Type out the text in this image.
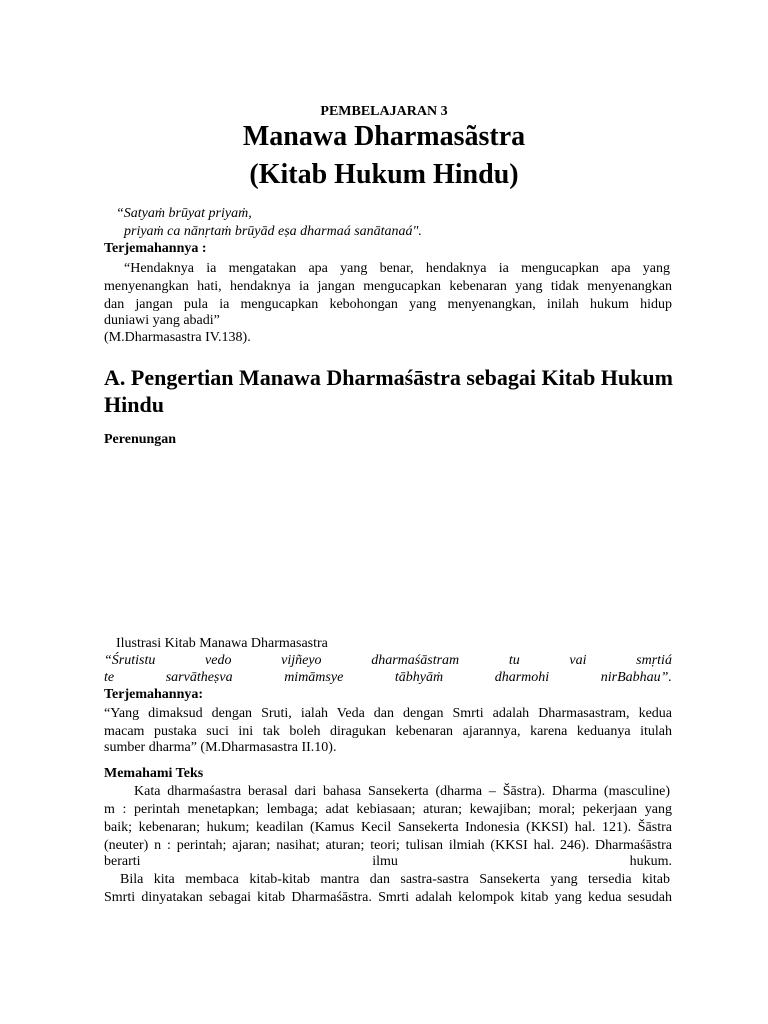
PEMBELAJARAN 3
Manawa Dharmasãstra
(Kitab Hukum Hindu)
“Satyaṁ brūyat priyaṁ,
priyaṁ ca nānṛtaṁ brūyād eṣa dharmaá sanātanaá".
Terjemahannya :
“Hendaknya ia mengatakan apa yang benar, hendaknya ia mengucapkan apa yang
menyenangkan hati, hendaknya ia jangan mengucapkan kebenaran yang tidak menyenangkan
dan jangan pula ia mengucapkan kebohongan yang menyenangkan, inilah hukum hidup
duniawi yang abadi”
(M.Dharmasastra IV.138).
A. Pengertian Manawa Dharmaśāstra sebagai Kitab Hukum
Hindu
Perenungan
Ilustrasi Kitab Manawa Dharmasastra
“Śrutistu	vedo	vijñeyo	dharmaśāstram	tu	vai	smṛtiá
te	sarvātheṣva	mimāmsye	tābhyāṁ	dharmohi	nirBabhau”.
Terjemahannya:
“Yang dimaksud dengan Sruti, ialah Veda dan dengan Smrti adalah Dharmasastram, kedua
macam pustaka suci ini tak boleh diragukan kebenaran ajarannya, karena keduanya itulah
sumber dharma” (M.Dharmasastra II.10).
Memahami Teks
Kata dharmaśastra berasal dari bahasa Sansekerta (dharma – Šāstra). Dharma (masculine)
m : perintah menetapkan; lembaga; adat kebiasaan; aturan; kewajiban; moral; pekerjaan yang
baik; kebenaran; hukum; keadilan (Kamus Kecil Sansekerta Indonesia (KKSI) hal. 121). Šāstra
(neuter) n : perintah; ajaran; nasihat; aturan; teori; tulisan ilmiah (KKSI hal. 246). Dharmaśāstra
berarti	ilmu	hukum.
Bila kita membaca kitab-kitab mantra dan sastra-sastra Sansekerta yang tersedia kitab
Smrti dinyatakan sebagai kitab Dharmaśāstra. Smrti adalah kelompok kitab yang kedua sesudah
